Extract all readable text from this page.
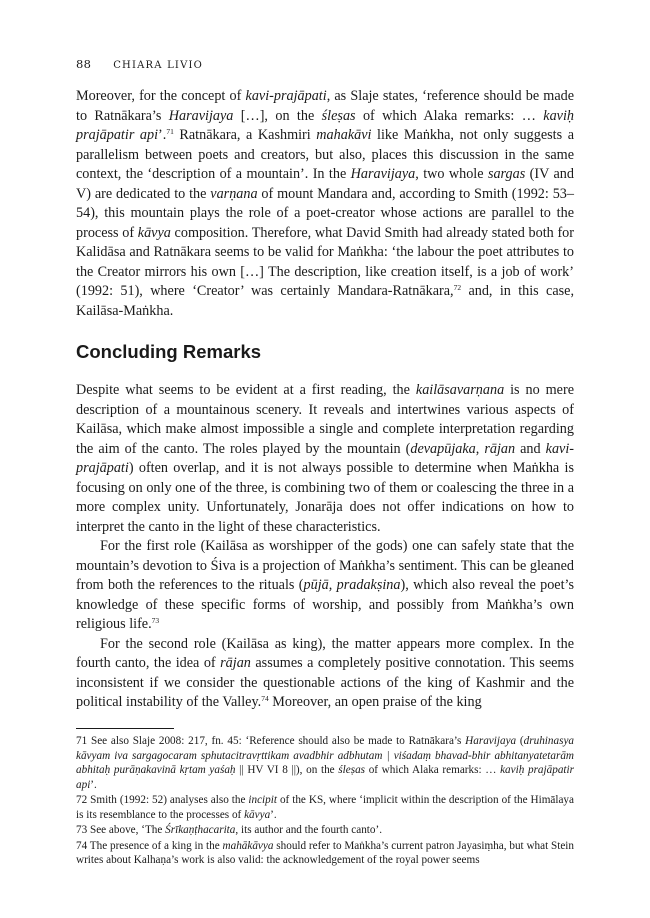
88 CHIARA LIVIO

Moreover, for the concept of kavi-prajāpati, as Slaje states, ‘reference should be made to Ratnākara’s Haravijaya […], on the śleṣas of which Alaka remarks: … kaviḥ prajāpatir api’.$^{71}$ Ratnākara, a Kashmiri mahakāvi like Maṅkha, not only suggests a parallelism between poets and creators, but also, places this discussion in the same context, the ‘description of a mountain’. In the Haravijaya, two whole sargas (IV and V) are dedicated to the varṇana of mount Mandara and, according to Smith (1992: 53–54), this mountain plays the role of a poet-creator whose actions are parallel to the process of kāvya composition. Therefore, what David Smith had already stated both for Kalidāsa and Ratnākara seems to be valid for Maṅkha: ‘the labour the poet attributes to the Creator mirrors his own […] The description, like creation itself, is a job of work’ (1992: 51), where ‘Creator’ was certainly Mandara-Ratnākara,$^{72}$ and, in this case, Kailāsa-Maṅkha.

Concluding Remarks

Despite what seems to be evident at a first reading, the kailāsavarṇana is no mere description of a mountainous scenery. It reveals and intertwines various aspects of Kailāsa, which make almost impossible a single and complete interpretation regarding the aim of the canto. The roles played by the mountain (devapūjaka, rājan and kavi-prajāpati) often overlap, and it is not always possible to determine when Maṅkha is focusing on only one of the three, is combining two of them or coalescing the three in a more complex unity. Unfortunately, Jonarāja does not offer indications on how to interpret the canto in the light of these characteristics.

For the first role (Kailāsa as worshipper of the gods) one can safely state that the mountain’s devotion to Śiva is a projection of Maṅkha’s sentiment. This can be gleaned from both the references to the rituals (pūjā, pradakṣina), which also reveal the poet’s knowledge of these specific forms of worship, and possibly from Maṅkha’s own religious life.$^{73}$

For the second role (Kailāsa as king), the matter appears more complex. In the fourth canto, the idea of rājan assumes a completely positive connotation. This seems inconsistent if we consider the questionable actions of the king of Kashmir and the political instability of the Valley.$^{74}$ Moreover, an open praise of the king

71 See also Slaje 2008: 217, fn. 45: ‘Reference should also be made to Ratnākara’s Haravijaya (druhinasya kāvyam iva sargagocaram sphutacitravṛttikam avadbhir adbhutam | viśadaṃ bhavad-bhir abhitanyatetarām abhitaḥ purāṇakavinā kṛtam yaśaḥ || HV VI 8 ||), on the śleṣas of which Alaka remarks: … kaviḥ prajāpatir api’.

72 Smith (1992: 52) analyses also the incipit of the KS, where ‘implicit within the description of the Himālaya is its resemblance to the processes of kāvya’.

73 See above, ‘The Śrīkaṇṭhacarita, its author and the fourth canto’.

74 The presence of a king in the mahākāvya should refer to Maṅkha’s current patron Jayasiṃha, but what Stein writes about Kalhaṇa’s work is also valid: the acknowledgement of the royal power seems
